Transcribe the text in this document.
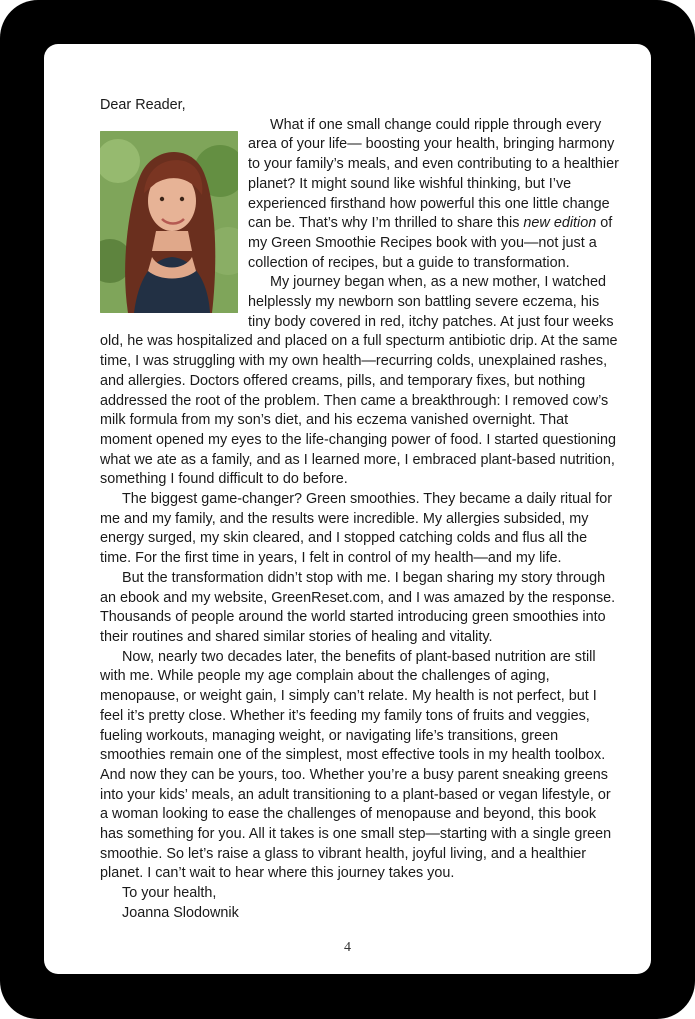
Dear Reader,

What if one small change could ripple through every area of your life— boosting your health, bringing harmony to your family’s meals, and even contributing to a healthier planet? It might sound like wishful thinking, but I’ve experienced firsthand how powerful this one little change can be. That’s why I’m thrilled to share this new edition of my Green Smoothie Recipes book with you—not just a collection of recipes, but a guide to transformation.

My journey began when, as a new mother, I watched helplessly my newborn son battling severe eczema, his tiny body covered in red, itchy patches. At just four weeks old, he was hospitalized and placed on a full specturm antibiotic drip. At the same time, I was struggling with my own health—recurring colds, unexplained rashes, and allergies. Doctors offered creams, pills, and temporary fixes, but nothing addressed the root of the problem. Then came a breakthrough: I removed cow’s milk formula from my son’s diet, and his eczema vanished overnight. That moment opened my eyes to the life-changing power of food. I started questioning what we ate as a family, and as I learned more, I embraced plant-based nutrition, something I found difficult to do before.

The biggest game-changer? Green smoothies. They became a daily ritual for me and my family, and the results were incredible. My allergies subsided, my energy surged, my skin cleared, and I stopped catching colds and flus all the time. For the first time in years, I felt in control of my health—and my life.

But the transformation didn’t stop with me. I began sharing my story through an ebook and my website, GreenReset.com, and I was amazed by the response. Thousands of people around the world started introducing green smoothies into their routines and shared similar stories of healing and vitality.

Now, nearly two decades later, the benefits of plant-based nutrition are still with me. While people my age complain about the challenges of aging, menopause, or weight gain, I simply can’t relate. My health is not perfect, but I feel it’s pretty close. Whether it’s feeding my family tons of fruits and veggies, fueling workouts, managing weight, or navigating life’s transitions, green smoothies remain one of the simplest, most effective tools in my health toolbox. And now they can be yours, too. Whether you’re a busy parent sneaking greens into your kids’ meals, an adult transitioning to a plant-based or vegan lifestyle, or a woman looking to ease the challenges of menopause and beyond, this book has something for you. All it takes is one small step—starting with a single green smoothie. So let’s raise a glass to vibrant health, joyful living, and a healthier planet. I can’t wait to hear where this journey takes you.

To your health,

Joanna Slodownik

4
